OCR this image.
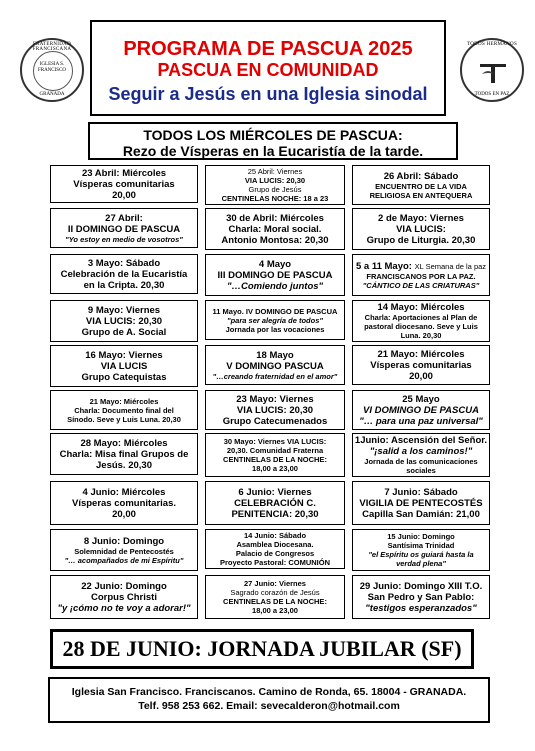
FRATERNIDAD FRANCISCANA
IGLESIA S. FRANCISCO
GRANADA
TODOS HERMANOS
TODOS EN PAZ
PROGRAMA DE PASCUA 2025
PASCUA EN COMUNIDAD
Seguir a Jesús en una Iglesia sinodal
TODOS LOS MIÉRCOLES DE PASCUA:
Rezo de Vísperas en la Eucaristía de la tarde.
23 Abril: Miércoles
Vísperas comunitarias
20,00
25 Abril: Viernes
VIA LUCIS: 20,30
Grupo de Jesús
CENTINELAS NOCHE: 18 a 23
26 Abril: Sábado
ENCUENTRO DE LA VIDA
RELIGIOSA EN ANTEQUERA
27 Abril:
II DOMINGO DE PASCUA
"Yo estoy en medio de vosotros"
30 de Abril: Miércoles
Charla: Moral social.
Antonio Montosa: 20,30
2 de Mayo: Viernes
VIA LUCIS:
Grupo de Liturgia. 20,30
3 Mayo: Sábado
Celebración de la Eucaristía
en la Cripta. 20,30
4 Mayo
III DOMINGO DE PASCUA
"…Comiendo juntos"
5 a 11 Mayo: XL Semana de la paz
FRANCISCANOS POR LA PAZ.
"CÁNTICO DE LAS CRIATURAS"
9 Mayo: Viernes
VIA LUCIS: 20,30
Grupo de A. Social
11 Mayo. IV DOMINGO DE PASCUA
"para ser alegría de todos"
Jornada por las vocaciones
14 Mayo: Miércoles
Charla: Aportaciones al Plan de
pastoral diocesano. Seve y Luis
Luna. 20,30
16 Mayo: Viernes
VIA LUCIS
Grupo Catequistas
18 Mayo
V DOMINGO PASCUA
"…creando fraternidad en el amor"
21 Mayo: Miércoles
Vísperas comunitarias
20,00
21 Mayo: Miércoles
Charla: Documento final del
Sínodo. Seve y Luis Luna. 20,30
23 Mayo: Viernes
VIA LUCIS: 20,30
Grupo Catecumenados
25 Mayo
VI DOMINGO DE PASCUA
"… para una paz universal"
28 Mayo: Miércoles
Charla: Misa final Grupos de
Jesús. 20,30
30 Mayo: Viernes VIA LUCIS:
20,30. Comunidad Fraterna
CENTINELAS DE LA NOCHE:
18,00 a 23,00
1Junio: Ascensión del Señor.
"¡salid a los caminos!"
Jornada de las comunicaciones
sociales
4 Junio: Miércoles
Vísperas comunitarias.
20,00
6 Junio: Viernes
CELEBRACIÓN C.
PENITENCIA: 20,30
7 Junio: Sábado
VIGILIA DE PENTECOSTÉS
Capilla San Damián: 21,00
8 Junio: Domingo
Solemnidad de Pentecostés
"… acompañados de mi Espíritu"
14 Junio: Sábado
Asamblea Diocesana.
Palacio de Congresos
Proyecto Pastoral: COMUNIÓN
15 Junio: Domingo
Santísima Trinidad
"el Espíritu os guiará hasta la
verdad plena"
22 Junio: Domingo
Corpus Christi
"y ¡cómo no te voy a adorar!"
27 Junio: Viernes
Sagrado corazón de Jesús
CENTINELAS DE LA NOCHE:
18,00 a 23,00
29 Junio: Domingo XIII T.O.
San Pedro y San Pablo:
"testigos esperanzados"
28 DE JUNIO: JORNADA JUBILAR (SF)
Iglesia San Francisco. Franciscanos. Camino de Ronda, 65. 18004 - GRANADA.
Telf. 958 253 662. Email: sevecalderon@hotmail.com
